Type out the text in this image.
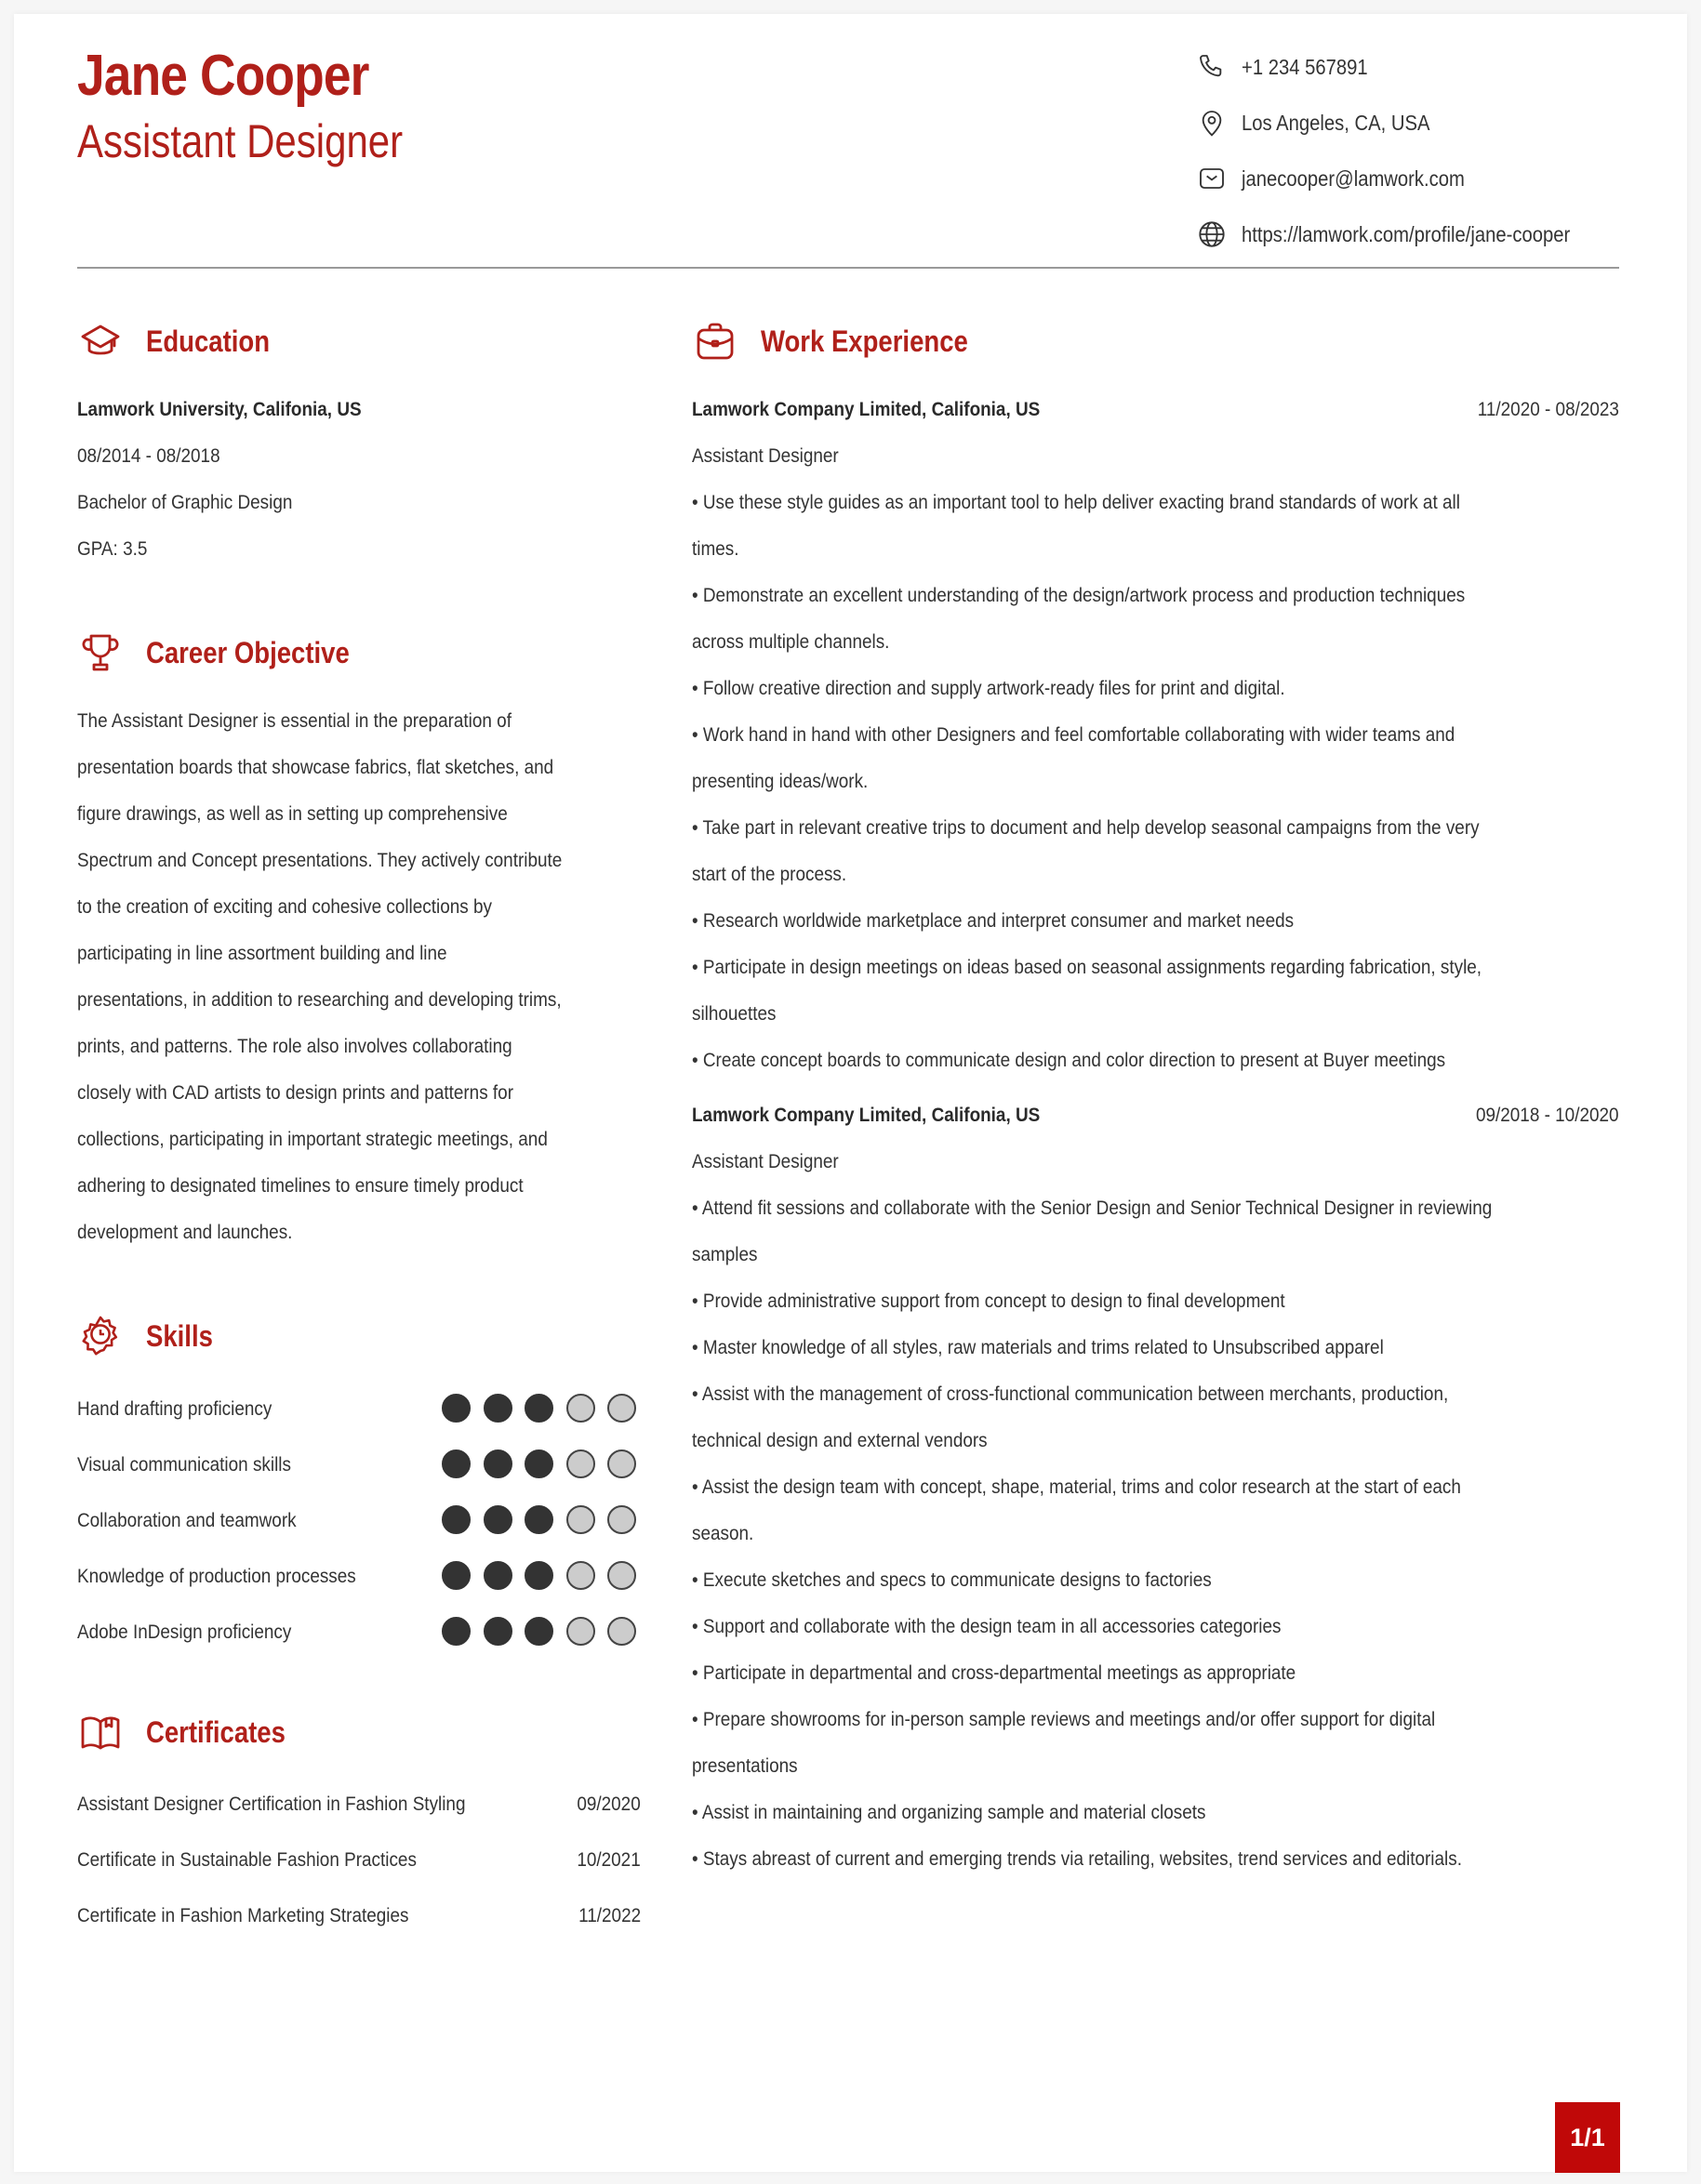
Jane Cooper
Assistant Designer
+1 234 567891
Los Angeles, CA, USA
janecooper@lamwork.com
https://lamwork.com/profile/jane-cooper
Education
Lamwork University, Califonia, US
08/2014 - 08/2018
Bachelor of Graphic Design
GPA: 3.5
Career Objective
The Assistant Designer is essential in the preparation of
presentation boards that showcase fabrics, flat sketches, and
figure drawings, as well as in setting up comprehensive
Spectrum and Concept presentations. They actively contribute
to the creation of exciting and cohesive collections by
participating in line assortment building and line
presentations, in addition to researching and developing trims,
prints, and patterns. The role also involves collaborating
closely with CAD artists to design prints and patterns for
collections, participating in important strategic meetings, and
adhering to designated timelines to ensure timely product
development and launches.
Skills
Hand drafting proficiency
Visual communication skills
Collaboration and teamwork
Knowledge of production processes
Adobe InDesign proficiency
Certificates
Assistant Designer Certification in Fashion Styling	09/2020
Certificate in Sustainable Fashion Practices	10/2021
Certificate in Fashion Marketing Strategies	11/2022
Work Experience
Lamwork Company Limited, Califonia, US	11/2020 - 08/2023
Assistant Designer
• Use these style guides as an important tool to help deliver exacting brand standards of work at all
times.
• Demonstrate an excellent understanding of the design/artwork process and production techniques
across multiple channels.
• Follow creative direction and supply artwork-ready files for print and digital.
• Work hand in hand with other Designers and feel comfortable collaborating with wider teams and
presenting ideas/work.
• Take part in relevant creative trips to document and help develop seasonal campaigns from the very
start of the process.
• Research worldwide marketplace and interpret consumer and market needs
• Participate in design meetings on ideas based on seasonal assignments regarding fabrication, style,
silhouettes
• Create concept boards to communicate design and color direction to present at Buyer meetings
Lamwork Company Limited, Califonia, US	09/2018 - 10/2020
Assistant Designer
• Attend fit sessions and collaborate with the Senior Design and Senior Technical Designer in reviewing
samples
• Provide administrative support from concept to design to final development
• Master knowledge of all styles, raw materials and trims related to Unsubscribed apparel
• Assist with the management of cross-functional communication between merchants, production,
technical design and external vendors
• Assist the design team with concept, shape, material, trims and color research at the start of each
season.
• Execute sketches and specs to communicate designs to factories
• Support and collaborate with the design team in all accessories categories
• Participate in departmental and cross-departmental meetings as appropriate
• Prepare showrooms for in-person sample reviews and meetings and/or offer support for digital
presentations
• Assist in maintaining and organizing sample and material closets
• Stays abreast of current and emerging trends via retailing, websites, trend services and editorials.
1/1
